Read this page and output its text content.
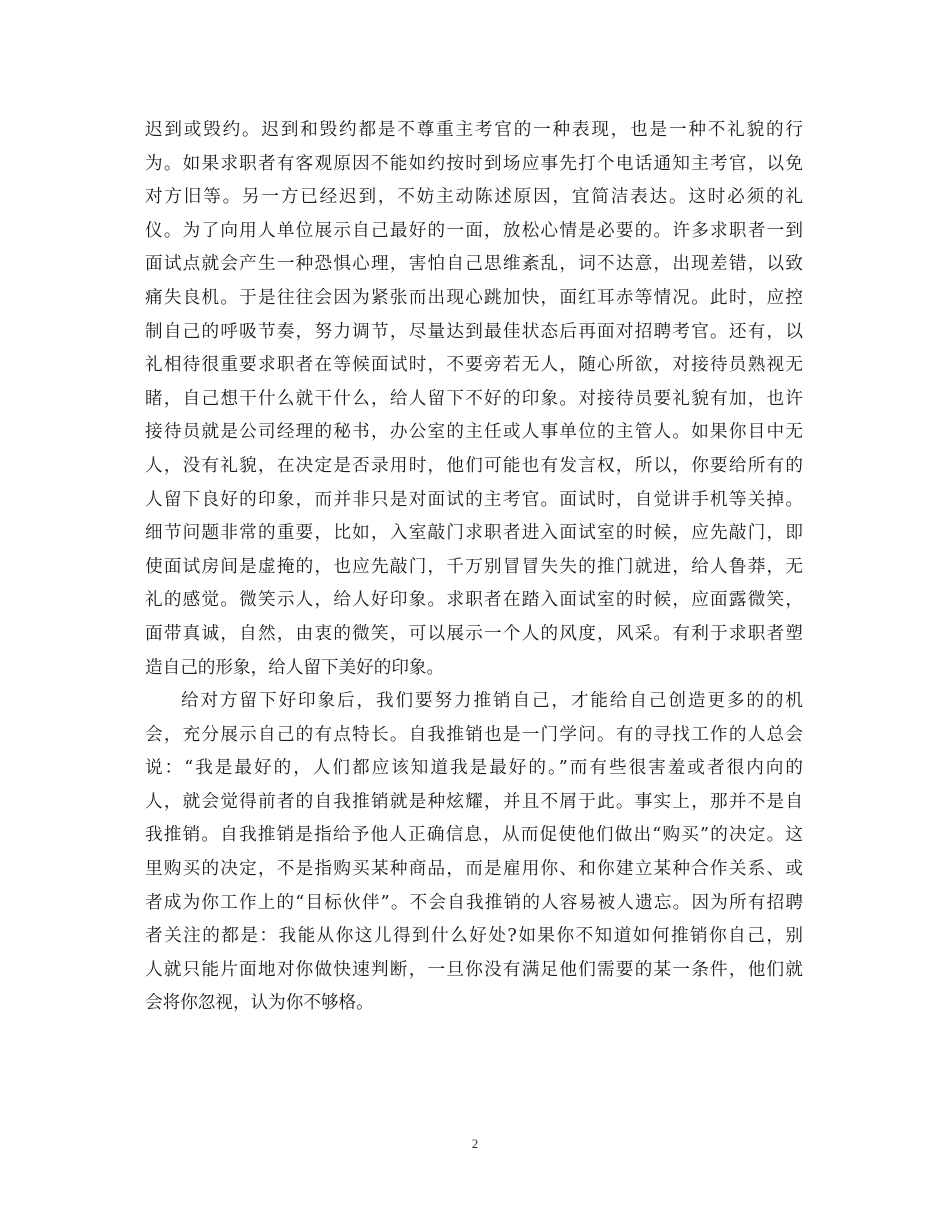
迟到或毁约。迟到和毁约都是不尊重主考官的一种表现，也是一种不礼貌的行
为。如果求职者有客观原因不能如约按时到场应事先打个电话通知主考官，以免
对方旧等。另一方已经迟到，不妨主动陈述原因，宜简洁表达。这时必须的礼
仪。为了向用人单位展示自己最好的一面，放松心情是必要的。许多求职者一到
面试点就会产生一种恐惧心理，害怕自己思维紊乱，词不达意，出现差错，以致
痛失良机。于是往往会因为紧张而出现心跳加快，面红耳赤等情况。此时，应控
制自己的呼吸节奏，努力调节，尽量达到最佳状态后再面对招聘考官。还有，以
礼相待很重要求职者在等候面试时，不要旁若无人，随心所欲，对接待员熟视无
睹，自己想干什么就干什么，给人留下不好的印象。对接待员要礼貌有加，也许
接待员就是公司经理的秘书，办公室的主任或人事单位的主管人。如果你目中无
人，没有礼貌，在决定是否录用时，他们可能也有发言权，所以，你要给所有的
人留下良好的印象，而并非只是对面试的主考官。面试时，自觉讲手机等关掉。
细节问题非常的重要，比如，入室敲门求职者进入面试室的时候，应先敲门，即
使面试房间是虚掩的，也应先敲门，千万别冒冒失失的推门就进，给人鲁莽，无
礼的感觉。微笑示人，给人好印象。求职者在踏入面试室的时候，应面露微笑，
面带真诚，自然，由衷的微笑，可以展示一个人的风度，风采。有利于求职者塑
造自己的形象，给人留下美好的印象。
给对方留下好印象后，我们要努力推销自己，才能给自己创造更多的的机
会，充分展示自己的有点特长。自我推销也是一门学问。有的寻找工作的人总会
说：“我是最好的，人们都应该知道我是最好的。”而有些很害羞或者很内向的
人，就会觉得前者的自我推销就是种炫耀，并且不屑于此。事实上，那并不是自
我推销。自我推销是指给予他人正确信息，从而促使他们做出“购买”的决定。这
里购买的决定，不是指购买某种商品，而是雇用你、和你建立某种合作关系、或
者成为你工作上的“目标伙伴”。不会自我推销的人容易被人遗忘。因为所有招聘
者关注的都是：我能从你这儿得到什么好处?如果你不知道如何推销你自己，别
人就只能片面地对你做快速判断，一旦你没有满足他们需要的某一条件，他们就
会将你忽视，认为你不够格。
2
